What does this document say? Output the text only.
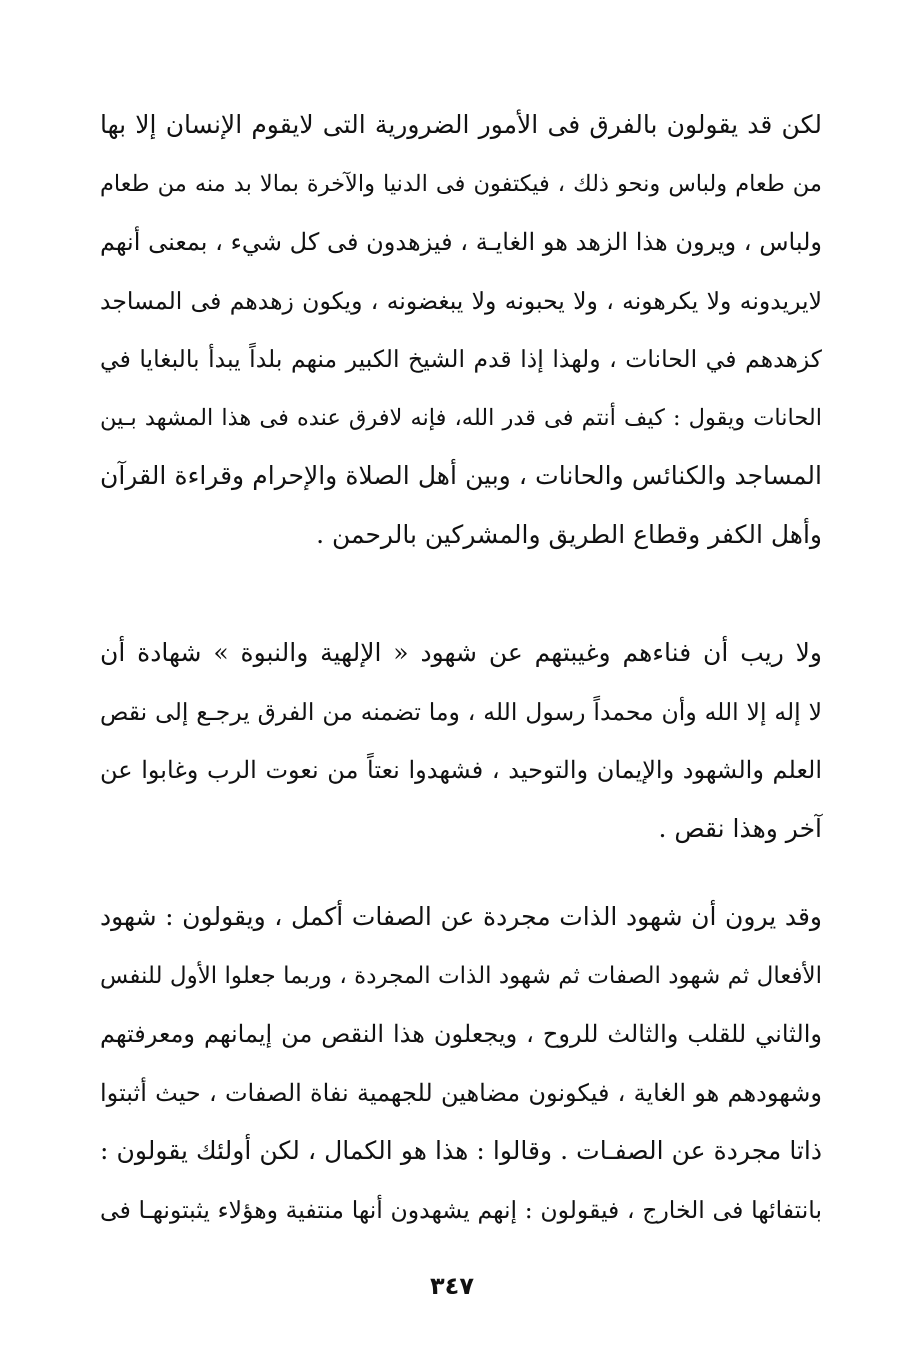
لكن قد يقولون بالفرق فى الأمور الضرورية التى لايقوم الإنسان إلا بها
من طعام ولباس ونحو ذلك ، فيكتفون فى الدنيا والآخرة بمالا بد منه من طعام
ولباس ، ويرون هذا الزهد هو الغايـة ، فيزهدون فى كل شيء ، بمعنى أنهم
لايريدونه ولا يكرهونه ، ولا يحبونه ولا يبغضونه ، ويكون زهدهم فى المساجد
كزهدهم في الحانات ، ولهذا إذا قدم الشيخ الكبير منهم بلداً يبدأ بالبغايا في
الحانات ويقول : كيف أنتم فى قدر الله، فإنه لافرق عنده فى هذا المشهد بـين
المساجد والكنائس والحانات ، وبين أهل الصلاة والإحرام وقراءة القرآن
وأهل الكفر وقطاع الطريق والمشركين بالرحمن .
ولا ريب أن فناءهم وغيبتهم عن شهود « الإلهية والنبوة » شهادة أن
لا إله إلا الله وأن محمداً رسول الله ، وما تضمنه من الفرق يرجـع إلى نقص
العلم والشهود والإيمان والتوحيد ، فشهدوا نعتاً من نعوت الرب وغابوا عن
آخر وهذا نقص .
وقد يرون أن شهود الذات مجردة عن الصفات أكمل ، ويقولون : شهود
الأفعال ثم شهود الصفات ثم شهود الذات المجردة ، وربما جعلوا الأول للنفس
والثاني للقلب والثالث للروح ، ويجعلون هذا النقص من إيمانهم ومعرفتهم
وشهودهم هو الغاية ، فيكونون مضاهين للجهمية نفاة الصفات ، حيث أثبتوا
ذاتا مجردة عن الصفـات . وقالوا : هذا هو الكمال ، لكن أولئك يقولون :
بانتفائها فى الخارج ، فيقولون : إنهم يشهدون أنها منتفية وهؤلاء يثبتونهـا فى
٣٤٧
